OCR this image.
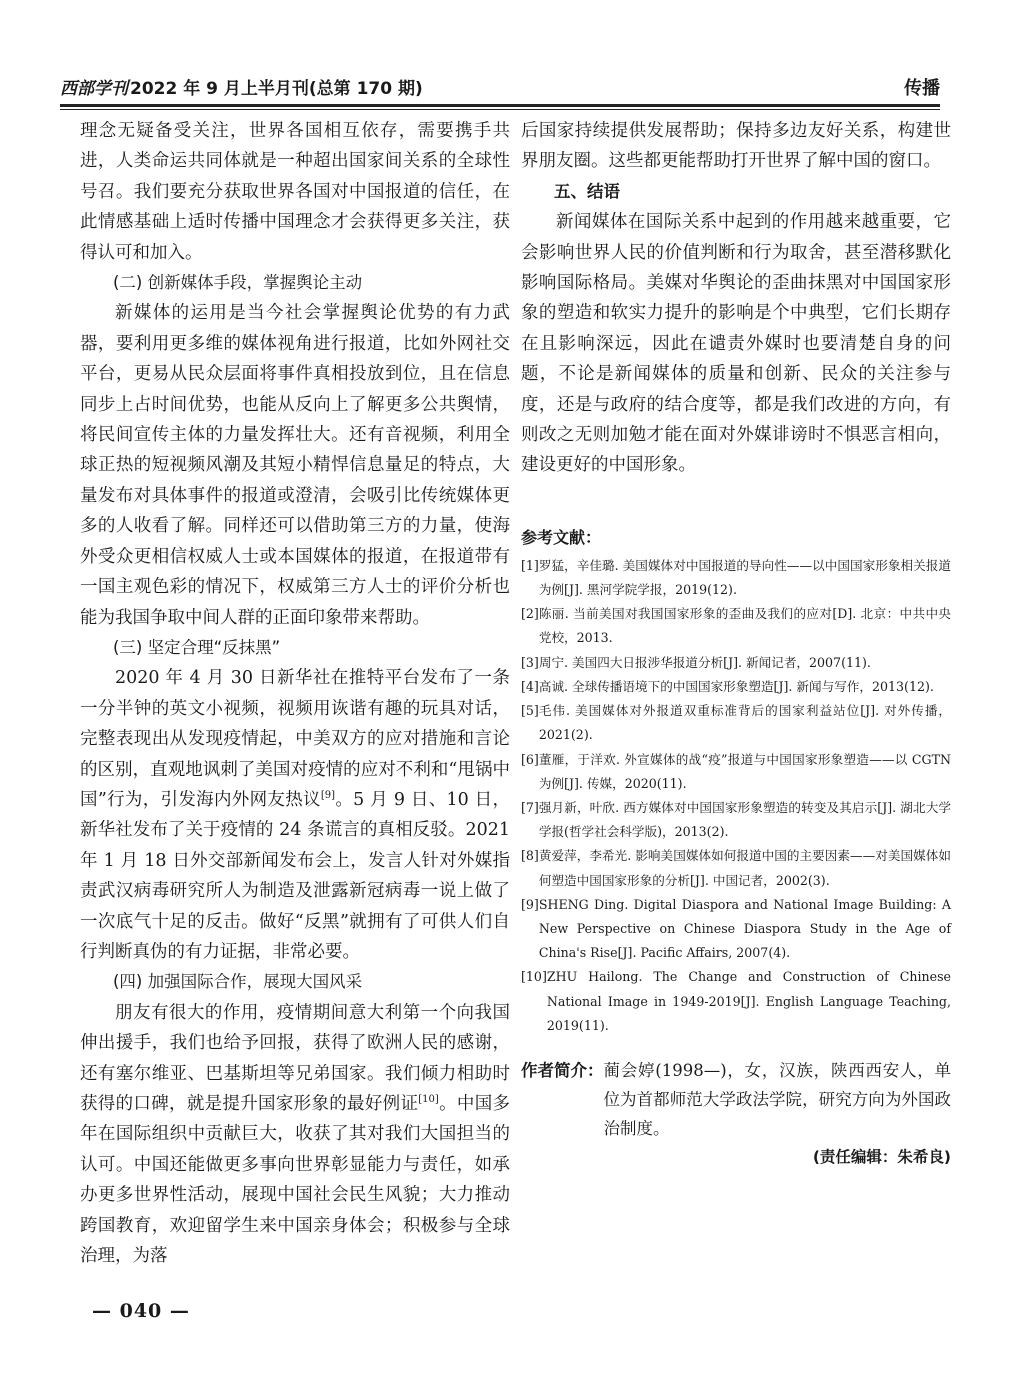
西部学刊 2022 年 9 月上半月刊(总第 170 期)	传播

理念无疑备受关注，世界各国相互依存，需要携手共进，人类命运共同体就是一种超出国家间关系的全球性号召。我们要充分获取世界各国对中国报道的信任，在此情感基础上适时传播中国理念才会获得更多关注，获得认可和加入。

(二) 创新媒体手段，掌握舆论主动

新媒体的运用是当今社会掌握舆论优势的有力武器，要利用更多维的媒体视角进行报道，比如外网社交平台，更易从民众层面将事件真相投放到位，且在信息同步上占时间优势，也能从反向上了解更多公共舆情，将民间宣传主体的力量发挥壮大。还有音视频，利用全球正热的短视频风潮及其短小精悍信息量足的特点，大量发布对具体事件的报道或澄清，会吸引比传统媒体更多的人收看了解。同样还可以借助第三方的力量，使海外受众更相信权威人士或本国媒体的报道，在报道带有一国主观色彩的情况下，权威第三方人士的评价分析也能为我国争取中间人群的正面印象带来帮助。

(三) 坚定合理“反抹黑”

2020 年 4 月 30 日新华社在推特平台发布了一条一分半钟的英文小视频，视频用诙谐有趣的玩具对话，完整表现出从发现疫情起，中美双方的应对措施和言论的区别，直观地讽刺了美国对疫情的应对不利和“甩锅中国”行为，引发海内外网友热议[9]。5 月 9 日、10 日，新华社发布了关于疫情的 24 条谎言的真相反驳。2021 年 1 月 18 日外交部新闻发布会上，发言人针对外媒指责武汉病毒研究所人为制造及泄露新冠病毒一说上做了一次底气十足的反击。做好“反黑”就拥有了可供人们自行判断真伪的有力证据，非常必要。

(四) 加强国际合作，展现大国风采

朋友有很大的作用，疫情期间意大利第一个向我国伸出援手，我们也给予回报，获得了欧洲人民的感谢，还有塞尔维亚、巴基斯坦等兄弟国家。我们倾力相助时获得的口碑，就是提升国家形象的最好例证[10]。中国多年在国际组织中贡献巨大，收获了其对我们大国担当的认可。中国还能做更多事向世界彰显能力与责任，如承办更多世界性活动，展现中国社会民生风貌；大力推动跨国教育，欢迎留学生来中国亲身体会；积极参与全球治理，为落

后国家持续提供发展帮助；保持多边友好关系，构建世界朋友圈。这些都更能帮助打开世界了解中国的窗口。

五、结语

新闻媒体在国际关系中起到的作用越来越重要，它会影响世界人民的价值判断和行为取舍，甚至潜移默化影响国际格局。美媒对华舆论的歪曲抹黑对中国国家形象的塑造和软实力提升的影响是个中典型，它们长期存在且影响深远，因此在谴责外媒时也要清楚自身的问题，不论是新闻媒体的质量和创新、民众的关注参与度，还是与政府的结合度等，都是我们改进的方向，有则改之无则加勉才能在面对外媒诽谤时不惧恶言相向，建设更好的中国形象。

参考文献：
[1] 罗猛，辛佳璐. 美国媒体对中国报道的导向性——以中国国家形象相关报道为例[J]. 黑河学院学报，2019(12).
[2] 陈丽. 当前美国对我国国家形象的歪曲及我们的应对[D]. 北京：中共中央党校，2013.
[3] 周宁. 美国四大日报涉华报道分析[J]. 新闻记者，2007(11).
[4] 高诚. 全球传播语境下的中国国家形象塑造[J]. 新闻与写作，2013(12).
[5] 毛伟. 美国媒体对外报道双重标准背后的国家利益站位[J]. 对外传播，2021(2).
[6] 董雁，于洋欢. 外宣媒体的战“疫”报道与中国国家形象塑造——以 CGTN 为例[J]. 传媒，2020(11).
[7] 强月新，叶欣. 西方媒体对中国国家形象塑造的转变及其启示[J]. 湖北大学学报(哲学社会科学版)，2013(2).
[8] 黄爱萍，李希光. 影响美国媒体如何报道中国的主要因素——对美国媒体如何塑造中国国家形象的分析[J]. 中国记者，2002(3).
[9] SHENG Ding. Digital Diaspora and National Image Building: A New Perspective on Chinese Diaspora Study in the Age of China's Rise[J]. Pacific Affairs, 2007(4).
[10] ZHU Hailong. The Change and Construction of Chinese National Image in 1949-2019[J]. English Language Teaching, 2019(11).
作者简介： 蔺会婷(1998—)，女，汉族，陕西西安人，单位为首都师范大学政法学院，研究方向为外国政治制度。
(责任编辑：朱希良)
— 040 —
